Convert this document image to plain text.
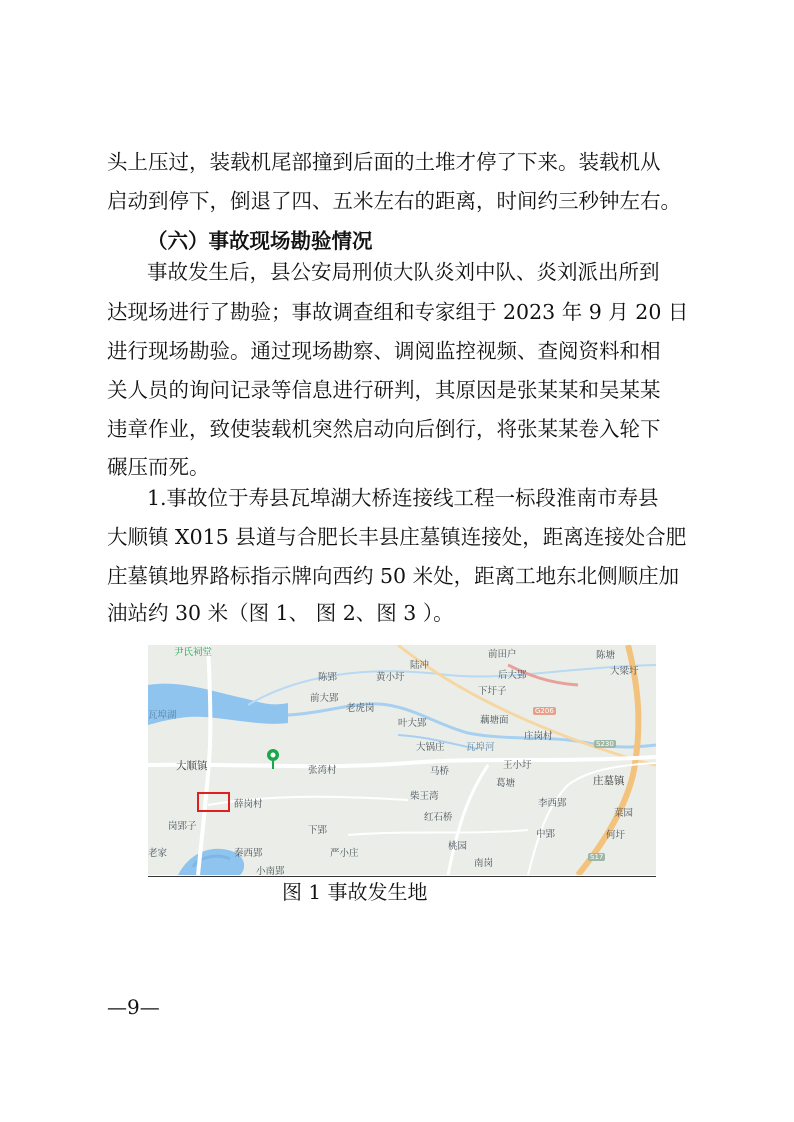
头上压过，装载机尾部撞到后面的土堆才停了下来。装载机从
启动到停下，倒退了四、五米左右的距离，时间约三秒钟左右。
（六）事故现场勘验情况
事故发生后，县公安局刑侦大队炎刘中队、炎刘派出所到
达现场进行了勘验；事故调查组和专家组于 2023 年 9 月 20 日
进行现场勘验。通过现场勘察、调阅监控视频、查阅资料和相
关人员的询问记录等信息进行研判，其原因是张某某和吴某某
违章作业，致使装载机突然启动向后倒行，将张某某卷入轮下
碾压而死。
1.事故位于寿县瓦埠湖大桥连接线工程一标段淮南市寿县
大顺镇 X015 县道与合肥长丰县庄墓镇连接处，距离连接处合肥
庄墓镇地界路标指示牌向西约 50 米处，距离工地东北侧顺庄加
油站约 30 米（图 1、 图 2、图 3 ）。
尹氏祠堂	前田户	陈塘
陆冲
后大郢
陈郢	黄小圩
下圩子
大梁圩
瓦埠湖
前大郢
老虎岗
叶大郢	藕塘面
庄岗村
大锅庄 瓦埠河
大顺镇	张湾村	马桥
王小圩
葛塘	庄墓镇
薛岗村
柴王湾
李西郢
岗郢子
红石桥
下郢	中郢	何圩
桃园
老家	秦西郢	严小庄
南岗
小南郢
菜园
G206
S230
S17
图 1 事故发生地
—9—
